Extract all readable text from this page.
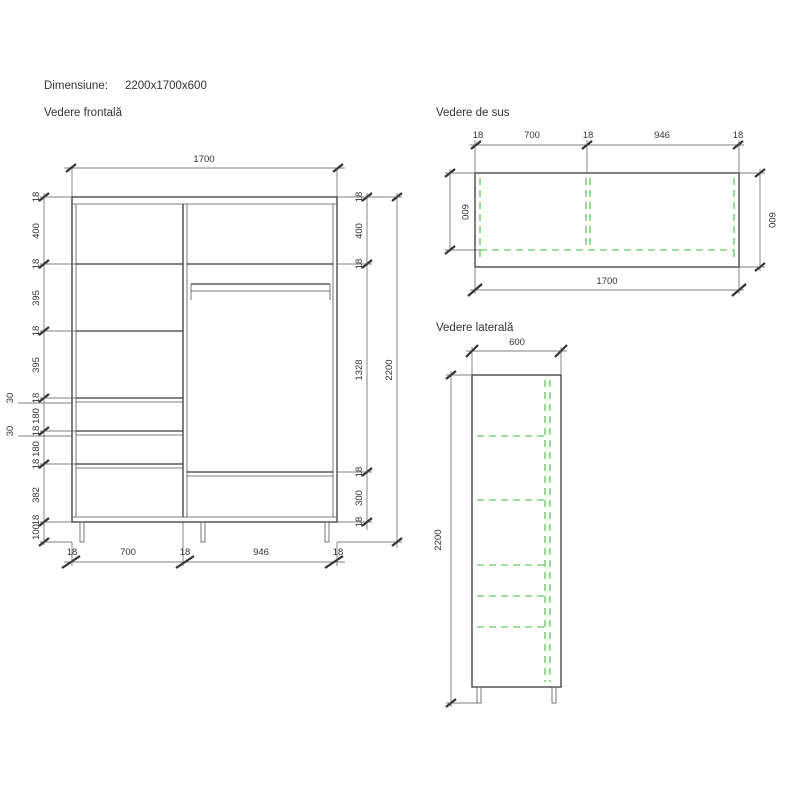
Dimensiune: 2200x1700x600
Vedere frontală	Vedere de sus
Vedere laterală
1700
18
400
18
395
18
395
18
180
18
180
18
382
18
100
30
30
18
400
18
1328
18
300
18
2200
18	700	18	946	18
18	700	18	946	18
600
600
1700
600
2200
